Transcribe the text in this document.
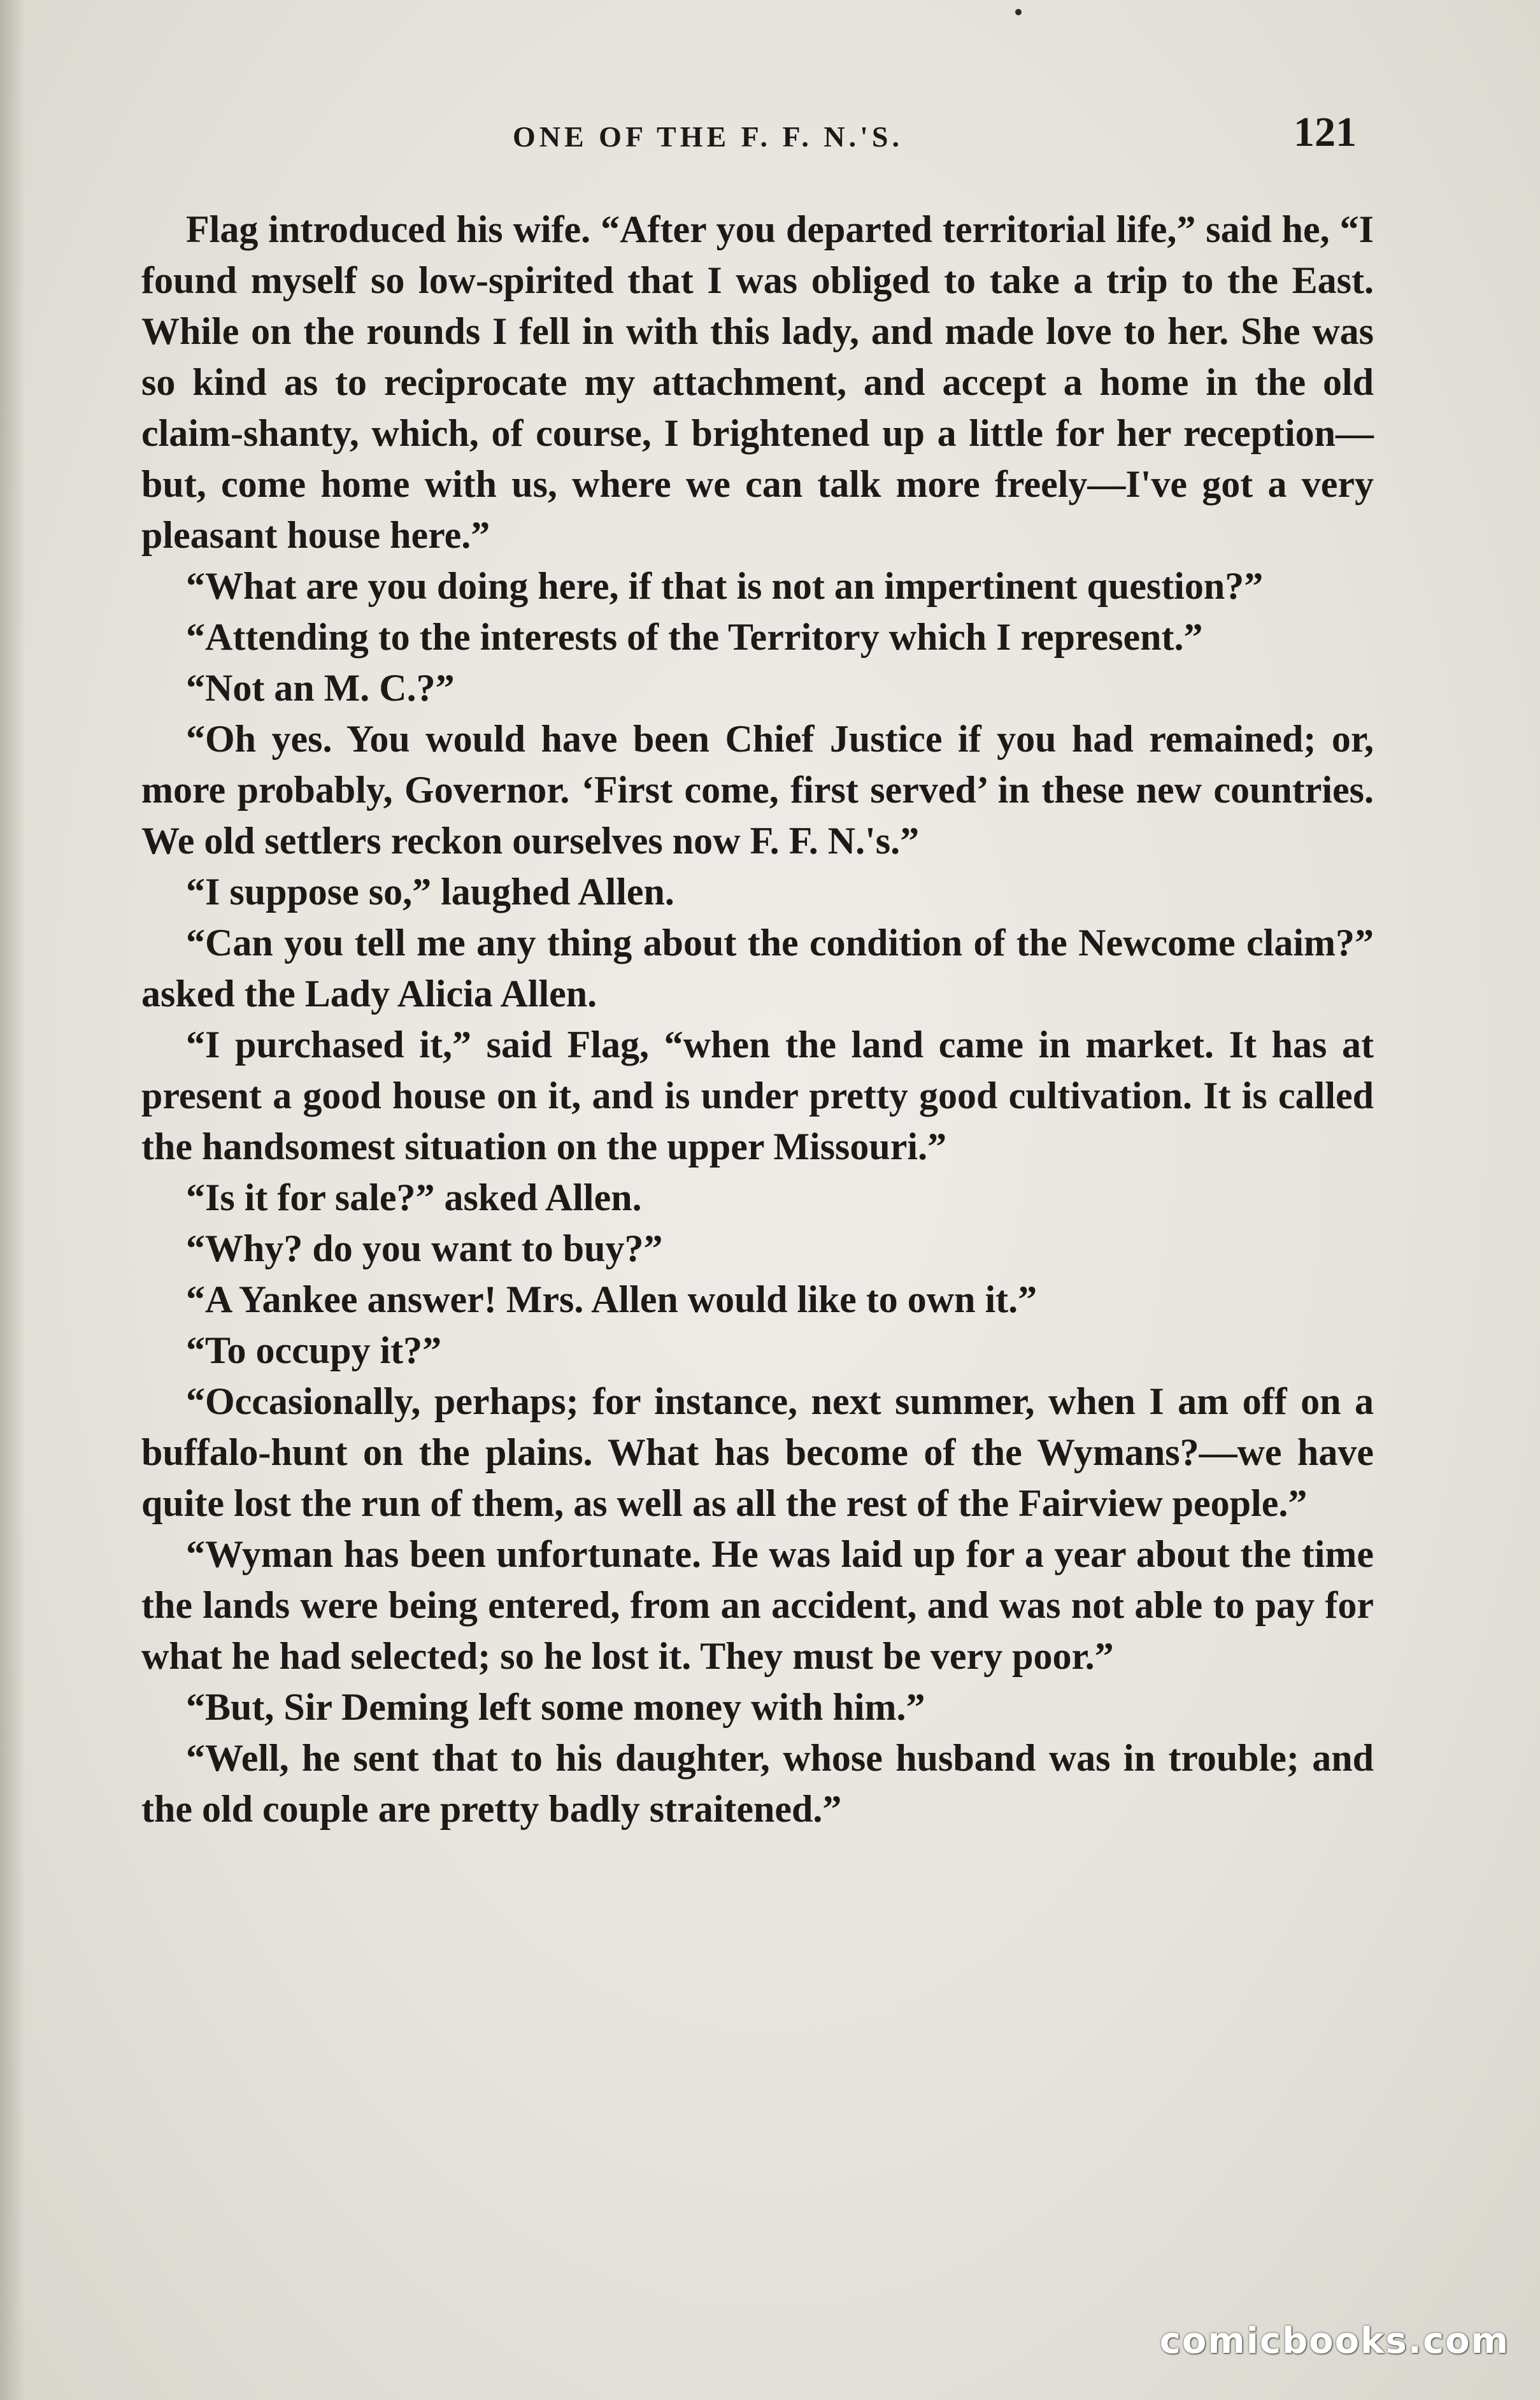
ONE OF THE F. F. N.'S.	121

Flag introduced his wife. “After you departed territorial life,” said he, “I found myself so low-spirited that I was obliged to take a trip to the East. While on the rounds I fell in with this lady, and made love to her. She was so kind as to reciprocate my attachment, and accept a home in the old claim-shanty, which, of course, I brightened up a little for her reception—but, come home with us, where we can talk more freely—I've got a very pleasant house here.”

“What are you doing here, if that is not an impertinent question?”

“Attending to the interests of the Territory which I represent.”

“Not an M. C.?”

“Oh yes. You would have been Chief Justice if you had remained; or, more probably, Governor. ‘First come, first served’ in these new countries. We old settlers reckon ourselves now F. F. N.'s.”

“I suppose so,” laughed Allen.

“Can you tell me any thing about the condition of the Newcome claim?” asked the Lady Alicia Allen.

“I purchased it,” said Flag, “when the land came in market. It has at present a good house on it, and is under pretty good cultivation. It is called the handsomest situation on the upper Missouri.”

“Is it for sale?” asked Allen.

“Why? do you want to buy?”

“A Yankee answer! Mrs. Allen would like to own it.”

“To occupy it?”

“Occasionally, perhaps; for instance, next summer, when I am off on a buffalo-hunt on the plains. What has become of the Wymans?—we have quite lost the run of them, as well as all the rest of the Fairview people.”

“Wyman has been unfortunate. He was laid up for a year about the time the lands were being entered, from an accident, and was not able to pay for what he had selected; so he lost it. They must be very poor.”

“But, Sir Deming left some money with him.”

“Well, he sent that to his daughter, whose husband was in trouble; and the old couple are pretty badly straitened.”

comicbooks.com
